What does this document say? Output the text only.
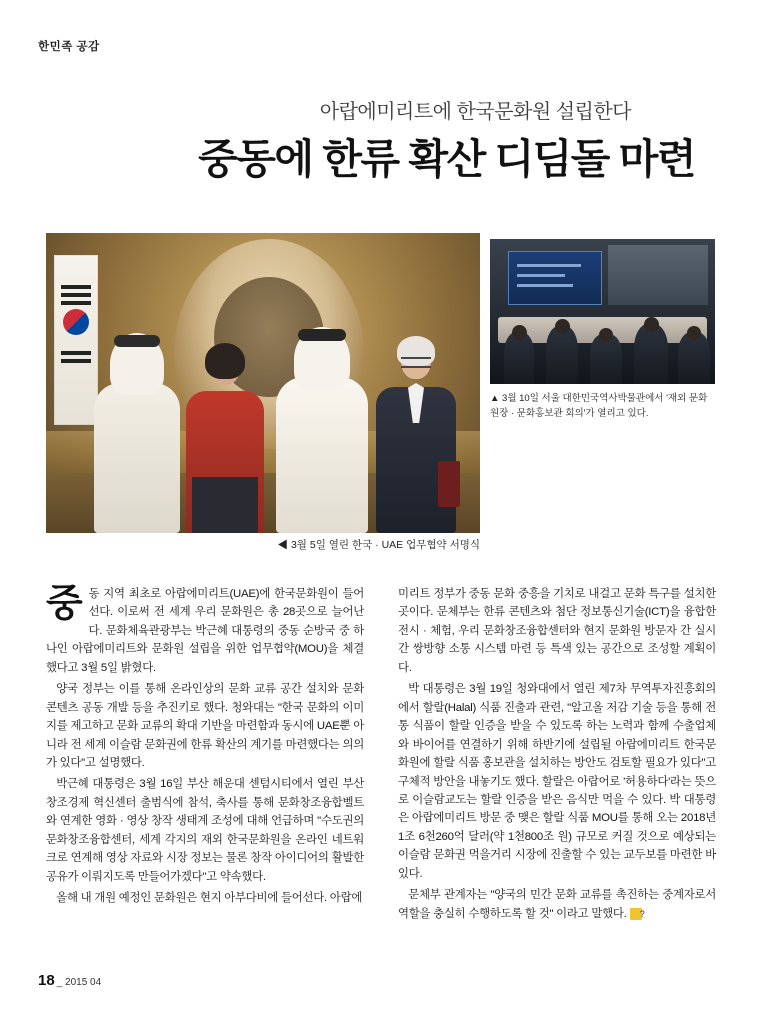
한민족 공감
아랍에미리트에 한국문화원 설립한다
중동에 한류 확산 디딤돌 마련
◀ 3월 5일 열린 한국 · UAE 업무협약 서명식
▲ 3월 10일 서울 대한민국역사박물관에서 '재외 문화원장 · 문화홍보관 회의'가 열리고 있다.

중동 지역 최초로 아랍에미리트(UAE)에 한국문화원이 들어선다. 이로써 전 세계 우리 문화원은 총 28곳으로 늘어난다. 문화체육관광부는 박근혜 대통령의 중동 순방국 중 하나인 아랍에미리트와 문화원 설립을 위한 업무협약(MOU)을 체결했다고 3월 5일 밝혔다.

양국 정부는 이를 통해 온라인상의 문화 교류 공간 설치와 문화 콘텐츠 공동 개발 등을 추진키로 했다. 청와대는 "한국 문화의 이미지를 제고하고 문화 교류의 확대 기반을 마련함과 동시에 UAE뿐 아니라 전 세계 이슬람 문화권에 한류 확산의 계기를 마련했다는 의의가 있다"고 설명했다.

박근혜 대통령은 3월 16일 부산 해운대 센텀시티에서 열린 부산창조경제 혁신센터 출범식에 참석, 축사를 통해 문화창조융합벨트와 연계한 영화 · 영상 창작 생태계 조성에 대해 언급하며 "수도권의 문화창조융합센터, 세계 각지의 재외 한국문화원을 온라인 네트워크로 연계해 영상 자료와 시장 정보는 물론 창작 아이디어의 활발한 공유가 이뤄지도록 만들어가겠다"고 약속했다.

올해 내 개원 예정인 문화원은 현지 아부다비에 들어선다. 아랍에

미리트 정부가 중동 문화 중흥을 기치로 내걸고 문화 특구를 설치한 곳이다. 문체부는 한류 콘텐츠와 첨단 정보통신기술(ICT)을 융합한 전시 · 체험, 우리 문화창조융합센터와 현지 문화원 방문자 간 실시간 쌍방향 소통 시스템 마련 등 특색 있는 공간으로 조성할 계획이다.

박 대통령은 3월 19일 청와대에서 열린 제7차 무역투자진흥회의에서 할랄(Halal) 식품 진출과 관련, "알고올 저감 기술 등을 통해 전통 식품이 할랄 인증을 받을 수 있도록 하는 노력과 함께 수출업체와 바이어를 연결하기 위해 하반기에 설립될 아랍에미리트 한국문화원에 할랄 식품 홍보관을 설치하는 방안도 검토할 필요가 있다"고 구체적 방안을 내놓기도 했다. 할랄은 아랍어로 '허용하다'라는 뜻으로 이슬람교도는 할랄 인증을 받은 음식만 먹을 수 있다. 박 대통령은 아랍에미리트 방문 중 맺은 할랄 식품 MOU를 통해 오는 2018년 1조 6천260억 달러(약 1천800조 원) 규모로 커질 것으로 예상되는 이슬람 문화권 먹을거리 시장에 진출할 수 있는 교두보를 마련한 바 있다.

문체부 관계자는 "양국의 민간 문화 교류를 촉진하는 중계자로서 역할을 충실히 수행하도록 할 것" 이라고 말했다. ?

18 _ 2015 04
